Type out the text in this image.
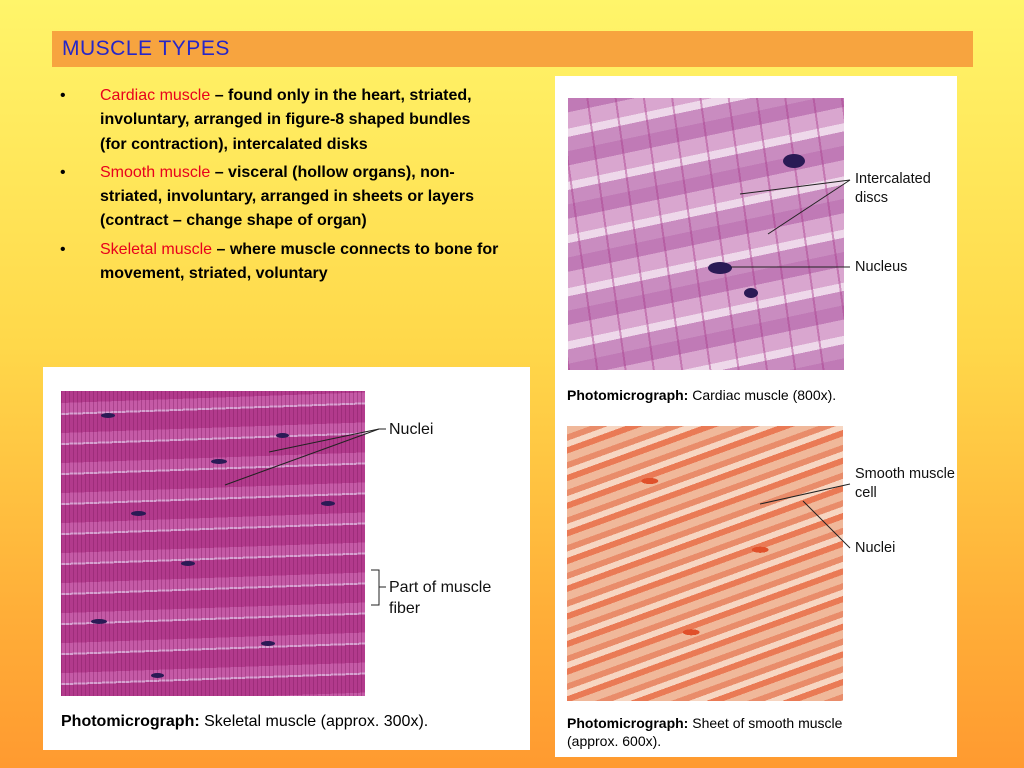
MUSCLE TYPES
• Cardiac muscle – found only in the heart, striated, involuntary, arranged in figure-8 shaped bundles (for contraction), intercalated disks
• Smooth muscle – visceral (hollow organs), non-striated, involuntary, arranged in sheets or layers (contract – change shape of organ)
• Skeletal muscle – where muscle connects to bone for movement, striated, voluntary
Nuclei
Part of muscle fiber
Photomicrograph: Skeletal muscle (approx. 300x).
Intercalated discs
Nucleus
Photomicrograph: Cardiac muscle (800x).
Smooth muscle cell
Nuclei
Photomicrograph: Sheet of smooth muscle (approx. 600x).
